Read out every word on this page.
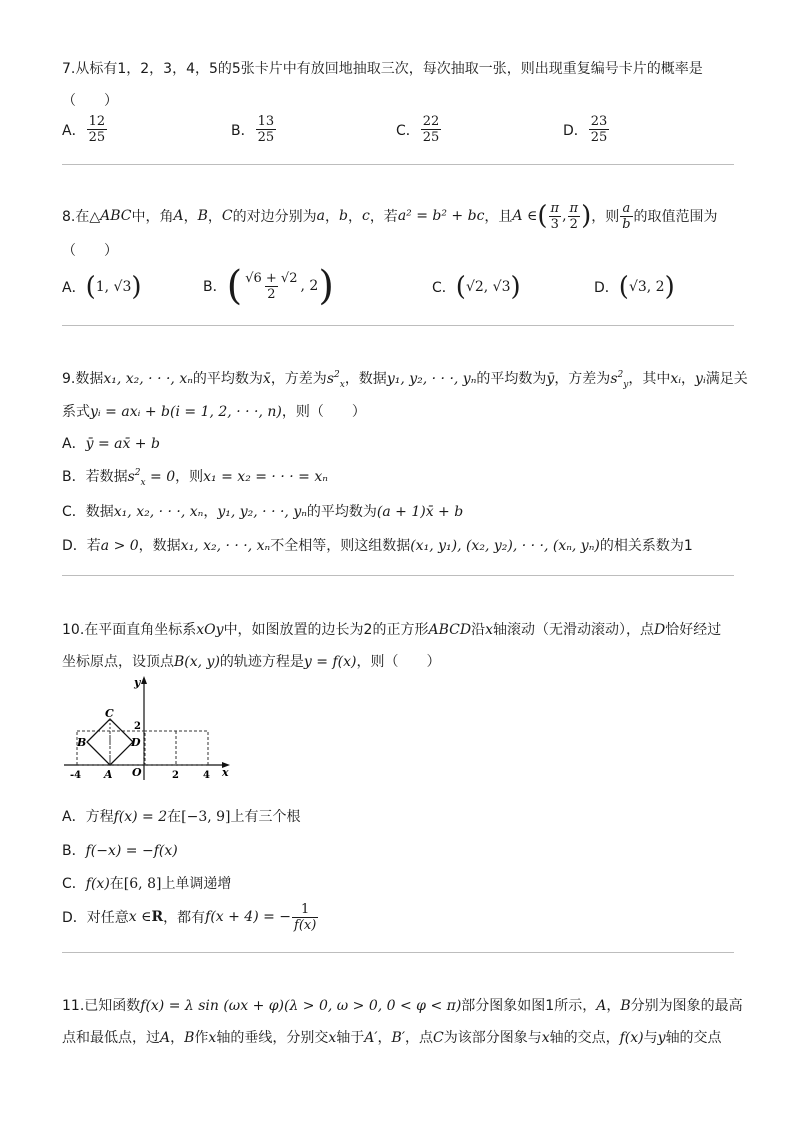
7.从标有1，2，3，4，5的5张卡片中有放回地抽取三次，每次抽取一张，则出现重复编号卡片的概率是
（　　）
A． $\frac{12}{25}$	B． $\frac{13}{25}$	C． $\frac{22}{25}$	D． $\frac{23}{25}$
8.在△ ABC 中，角 A ， B ， C 的对边分别为 a ， b ， c ，若 a² = b² + bc ，且 A ∈ ( $\frac{\pi}{3}$ , $\frac{\pi}{2}$ ) ，则 $\frac{a}{b}$ 的取值范围为
（　　）
A． ( 1, √3 )	B． ( $\frac{√6 + √2}{2}$ , 2 )	C． ( √2, √3 )	D． ( √3, 2 )
9.数据x₁, x₂, · · ·, xₙ的平均数为x̄，方差为$s^2_x$，数据y₁, y₂, · · ·, yₙ的平均数为ȳ，方差为$s^2_y$，其中xᵢ，yᵢ满足关
系式yᵢ = axᵢ + b(i = 1, 2, · · ·, n)，则（　　）
A．ȳ = ax̄ + b
B．若数据$s^2_x = 0$，则x₁ = x₂ = · · · = xₙ
C．数据x₁, x₂, · · ·, xₙ，y₁, y₂, · · ·, yₙ的平均数为(a + 1)x̄ + b
D．若a > 0，数据x₁, x₂, · · ·, xₙ不全相等，则这组数据(x₁, y₁), (x₂, y₂), · · ·, (xₙ, yₙ)的相关系数为1
10.在平面直角坐标系xOy中，如图放置的边长为2的正方形ABCD沿x轴滚动（无滑动滚动），点D恰好经过
坐标原点，设顶点B(x, y)的轨迹方程是y = f(x)，则（　　）
y
x
C
B	D
A O
2
-4	2 4
A．方程f(x) = 2在[−3, 9]上有三个根
B．f(−x) = −f(x)
C．f(x)在[6, 8]上单调递增
D． 对任意 x ∈ R ，都有 f(x + 4) = − $\frac{1}{f(x)}$
11.已知函数f(x) = λ sin (ωx + φ)(λ > 0, ω > 0, 0 < φ < π)部分图象如图1所示，A，B分别为图象的最高
点和最低点，过A，B作x轴的垂线，分别交x轴于A′，B′，点C为该部分图象与x轴的交点，f(x)与y轴的交点
